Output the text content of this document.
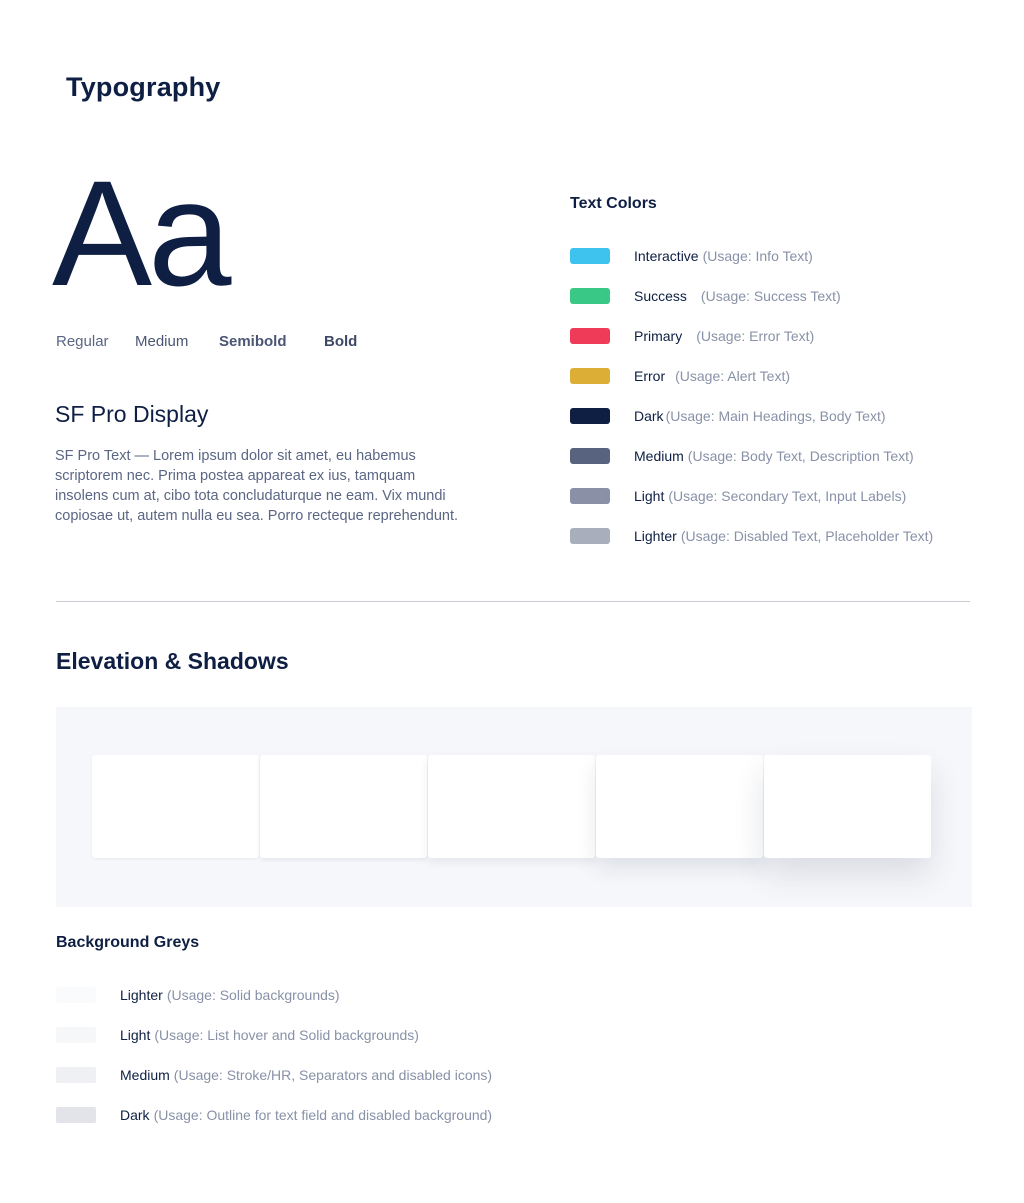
Typography
Aa
Regular Medium Semibold Bold
SF Pro Display

SF Pro Text — Lorem ipsum dolor sit amet, eu habemus scriptorem nec. Prima postea appareat ex ius, tamquam insolens cum at, cibo tota concludaturque ne eam. Vix mundi copiosae ut, autem nulla eu sea. Porro recteque reprehendunt.

Text Colors
Interactive (Usage: Info Text)
Success (Usage: Success Text)
Primary (Usage: Error Text)
Error (Usage: Alert Text)
Dark (Usage: Main Headings, Body Text)
Medium (Usage: Body Text, Description Text)
Light (Usage: Secondary Text, Input Labels)
Lighter (Usage: Disabled Text, Placeholder Text)
Elevation & Shadows
Background Greys
Lighter (Usage: Solid backgrounds)
Light (Usage: List hover and Solid backgrounds)
Medium (Usage: Stroke/HR, Separators and disabled icons)
Dark (Usage: Outline for text field and disabled background)
